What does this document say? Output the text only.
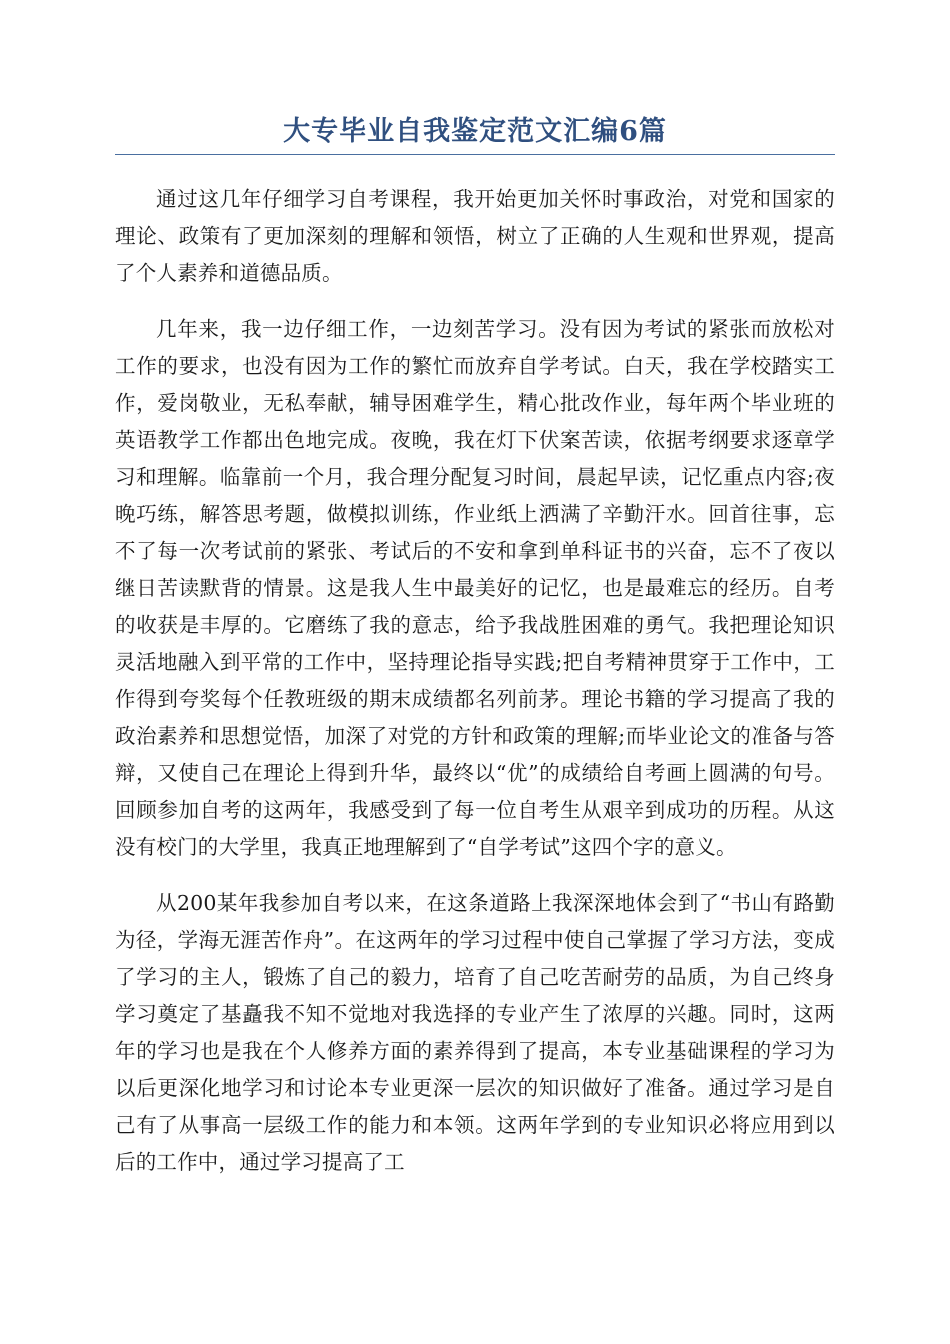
大专毕业自我鉴定范文汇编6篇

通过这几年仔细学习自考课程，我开始更加关怀时事政治，对党和国家的理论、政策有了更加深刻的理解和领悟，树立了正确的人生观和世界观，提高了个人素养和道德品质。

几年来，我一边仔细工作，一边刻苦学习。没有因为考试的紧张而放松对工作的要求，也没有因为工作的繁忙而放弃自学考试。白天，我在学校踏实工作，爱岗敬业，无私奉献，辅导困难学生，精心批改作业，每年两个毕业班的英语教学工作都出色地完成。夜晚，我在灯下伏案苦读，依据考纲要求逐章学习和理解。临靠前一个月，我合理分配复习时间，晨起早读，记忆重点内容;夜晚巧练，解答思考题，做模拟训练，作业纸上洒满了辛勤汗水。回首往事，忘不了每一次考试前的紧张、考试后的不安和拿到单科证书的兴奋，忘不了夜以继日苦读默背的情景。这是我人生中最美好的记忆，也是最难忘的经历。自考的收获是丰厚的。它磨练了我的意志，给予我战胜困难的勇气。我把理论知识灵活地融入到平常的工作中，坚持理论指导实践;把自考精神贯穿于工作中，工作得到夸奖每个任教班级的期末成绩都名列前茅。理论书籍的学习提高了我的政治素养和思想觉悟，加深了对党的方针和政策的理解;而毕业论文的准备与答辩，又使自己在理论上得到升华，最终以“优”的成绩给自考画上圆满的句号。回顾参加自考的这两年，我感受到了每一位自考生从艰辛到成功的历程。从这没有校门的大学里，我真正地理解到了“自学考试”这四个字的意义。

从200某年我参加自考以来，在这条道路上我深深地体会到了“书山有路勤为径，学海无涯苦作舟”。在这两年的学习过程中使自己掌握了学习方法，变成了学习的主人，锻炼了自己的毅力，培育了自己吃苦耐劳的品质，为自己终身学习奠定了基矗我不知不觉地对我选择的专业产生了浓厚的兴趣。同时，这两年的学习也是我在个人修养方面的素养得到了提高，本专业基础课程的学习为以后更深化地学习和讨论本专业更深一层次的知识做好了准备。通过学习是自己有了从事高一层级工作的能力和本领。这两年学到的专业知识必将应用到以后的工作中，通过学习提高了工
